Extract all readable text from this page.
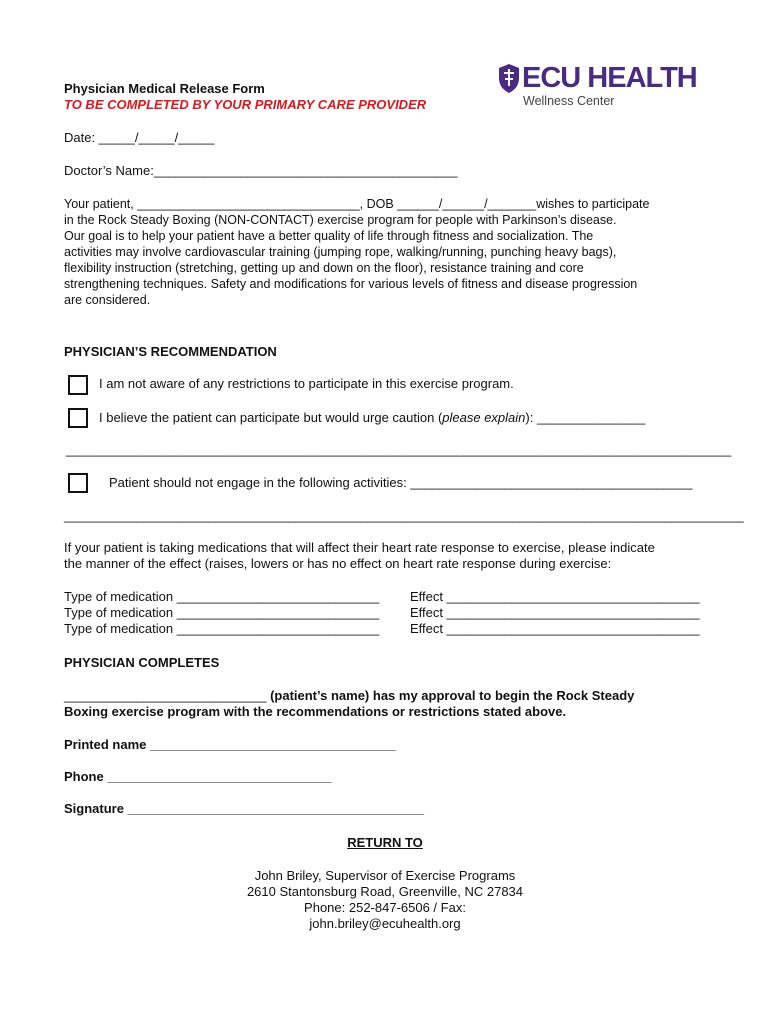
Physician Medical Release Form
TO BE COMPLETED BY YOUR PRIMARY CARE PROVIDER
ECU HEALTH
Wellness Center
Date: _____/_____/_____
Doctor’s Name:__________________________________________
Your patient, ________________________________, DOB ______/______/_______wishes to participate
in the Rock Steady Boxing (NON-CONTACT) exercise program for people with Parkinson’s disease.
Our goal is to help your patient have a better quality of life through fitness and socialization. The
activities may involve cardiovascular training (jumping rope, walking/running, punching heavy bags),
flexibility instruction (stretching, getting up and down on the floor), resistance training and core
strengthening techniques. Safety and modifications for various levels of fitness and disease progression
are considered.
PHYSICIAN’S RECOMMENDATION
I am not aware of any restrictions to participate in this exercise program.
I believe the patient can participate but would urge caution (please explain): _______________
____________________________________________________________________________________________
Patient should not engage in the following activities: _______________________________________
______________________________________________________________________________________________
If your patient is taking medications that will affect their heart rate response to exercise, please indicate
the manner of the effect (raises, lowers or has no effect on heart rate response during exercise:
Type of medication ____________________________ Effect ___________________________________
Type of medication ____________________________ Effect ___________________________________
Type of medication ____________________________ Effect ___________________________________
PHYSICIAN COMPLETES
____________________________ (patient’s name) has my approval to begin the Rock Steady
Boxing exercise program with the recommendations or restrictions stated above.
Printed name __________________________________
Phone _______________________________
Signature _________________________________________
RETURN TO
John Briley, Supervisor of Exercise Programs
2610 Stantonsburg Road, Greenville, NC 27834
Phone: 252-847-6506 / Fax:
john.briley@ecuhealth.org
